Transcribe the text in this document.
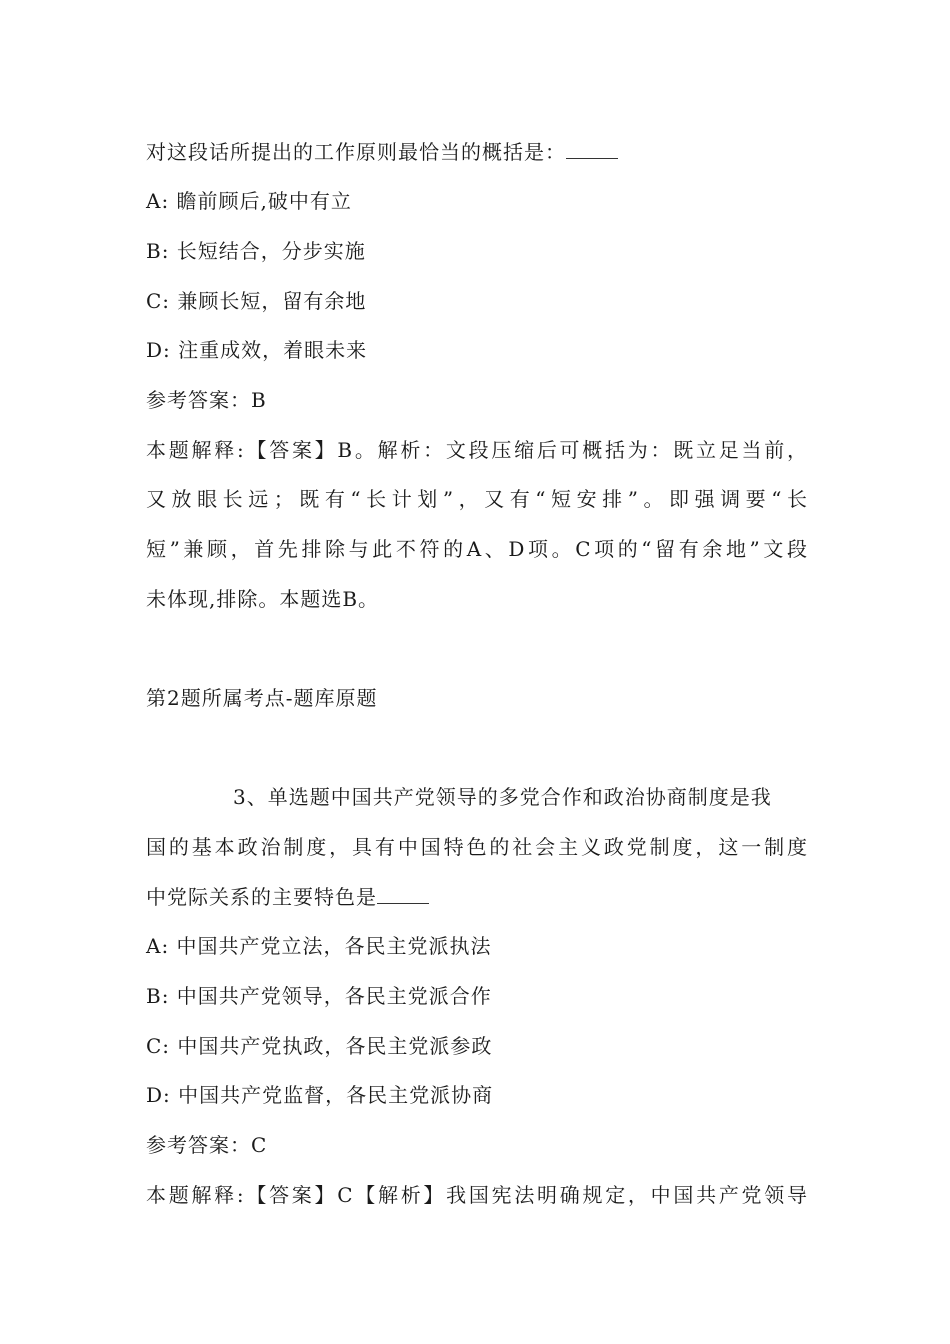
对这段话所提出的工作原则最恰当的概括是：
A: 瞻前顾后,破中有立
B: 长短结合，分步实施
C: 兼顾长短，留有余地
D: 注重成效，着眼未来
参考答案：B
本题解释:【答案】B。解析：文段压缩后可概括为：既立足当前，
又放眼长远；既有“长计划”，又有“短安排”。即强调要“长
短”兼顾，首先排除与此不符的A、D项。C项的“留有余地”文段
未体现,排除。本题选B。
第2题所属考点-题库原题
3、单选题中国共产党领导的多党合作和政治协商制度是我
国的基本政治制度，具有中国特色的社会主义政党制度，这一制度
中党际关系的主要特色是
A: 中国共产党立法，各民主党派执法
B: 中国共产党领导，各民主党派合作
C: 中国共产党执政，各民主党派参政
D: 中国共产党监督，各民主党派协商
参考答案：C
本题解释:【答案】C【解析】我国宪法明确规定，中国共产党领导
